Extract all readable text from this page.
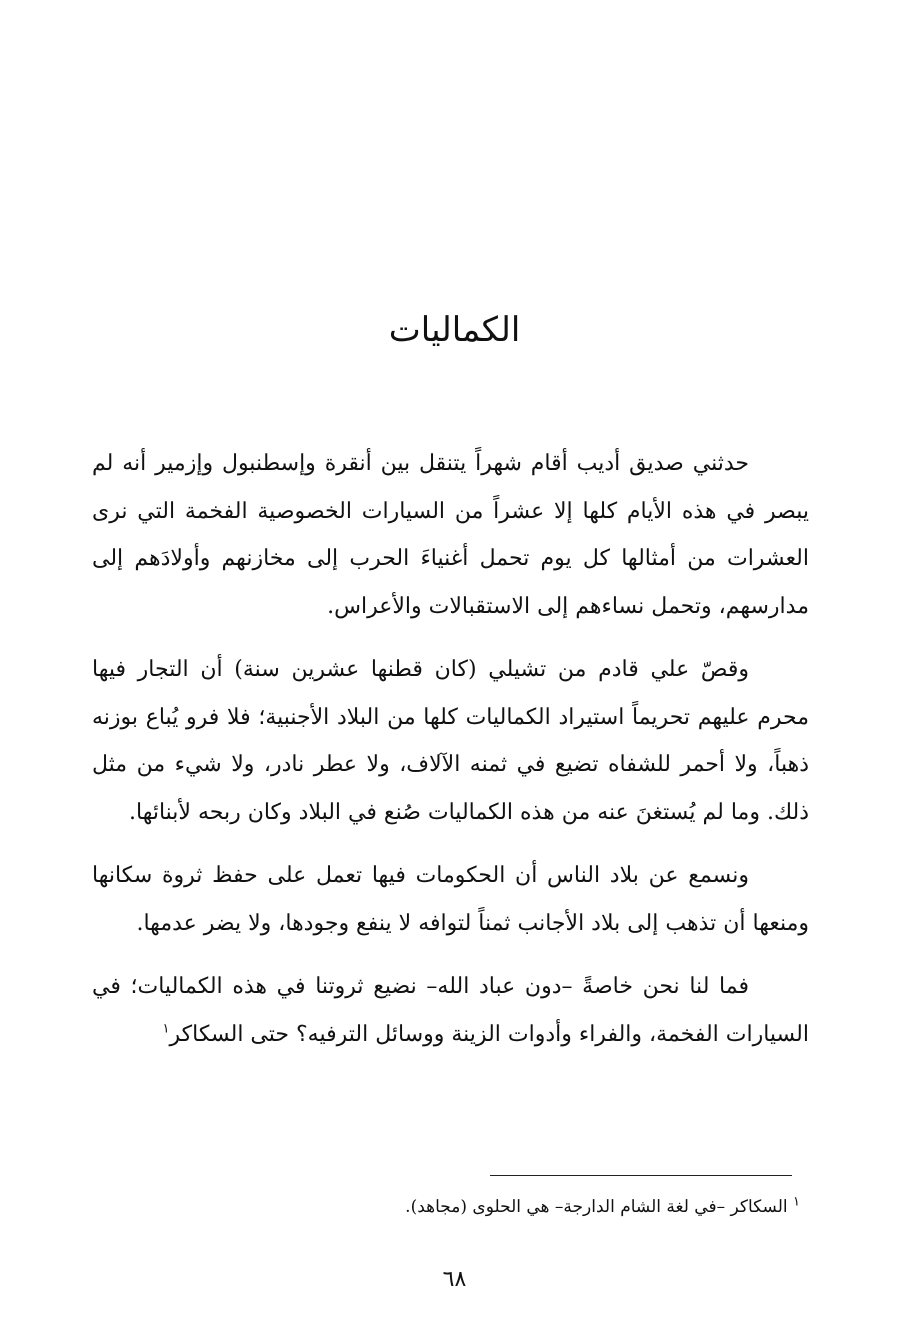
الكماليات

حدثني صديق أديب أقام شهراً يتنقل بين أنقرة وإسطنبول وإزمير أنه لم يبصر في هذه الأيام كلها إلا عشراً من السيارات الخصوصية الفخمة التي نرى العشرات من أمثالها كل يوم تحمل أغنياءَ الحرب إلى مخازنهم وأولادَهم إلى مدارسهم، وتحمل نساءهم إلى الاستقبالات والأعراس.

وقصّ علي قادم من تشيلي (كان قطنها عشرين سنة) أن التجار فيها محرم عليهم تحريماً استيراد الكماليات كلها من البلاد الأجنبية؛ فلا فرو يُباع بوزنه ذهباً، ولا أحمر للشفاه تضيع في ثمنه الآلاف، ولا عطر نادر، ولا شيء من مثل ذلك. وما لم يُستغنَ عنه من هذه الكماليات صُنع في البلاد وكان ربحه لأبنائها.

ونسمع عن بلاد الناس أن الحكومات فيها تعمل على حفظ ثروة سكانها ومنعها أن تذهب إلى بلاد الأجانب ثمناً لتوافه لا ينفع وجودها، ولا يضر عدمها.

فما لنا نحن خاصةً –دون عباد الله– نضيع ثروتنا في هذه الكماليات؛ في السيارات الفخمة، والفراء وأدوات الزينة ووسائل الترفيه؟ حتى السكاكر$^١$

$^١$ السكاكر –في لغة الشام الدارجة– هي الحلوى (مجاهد).
٦٨
